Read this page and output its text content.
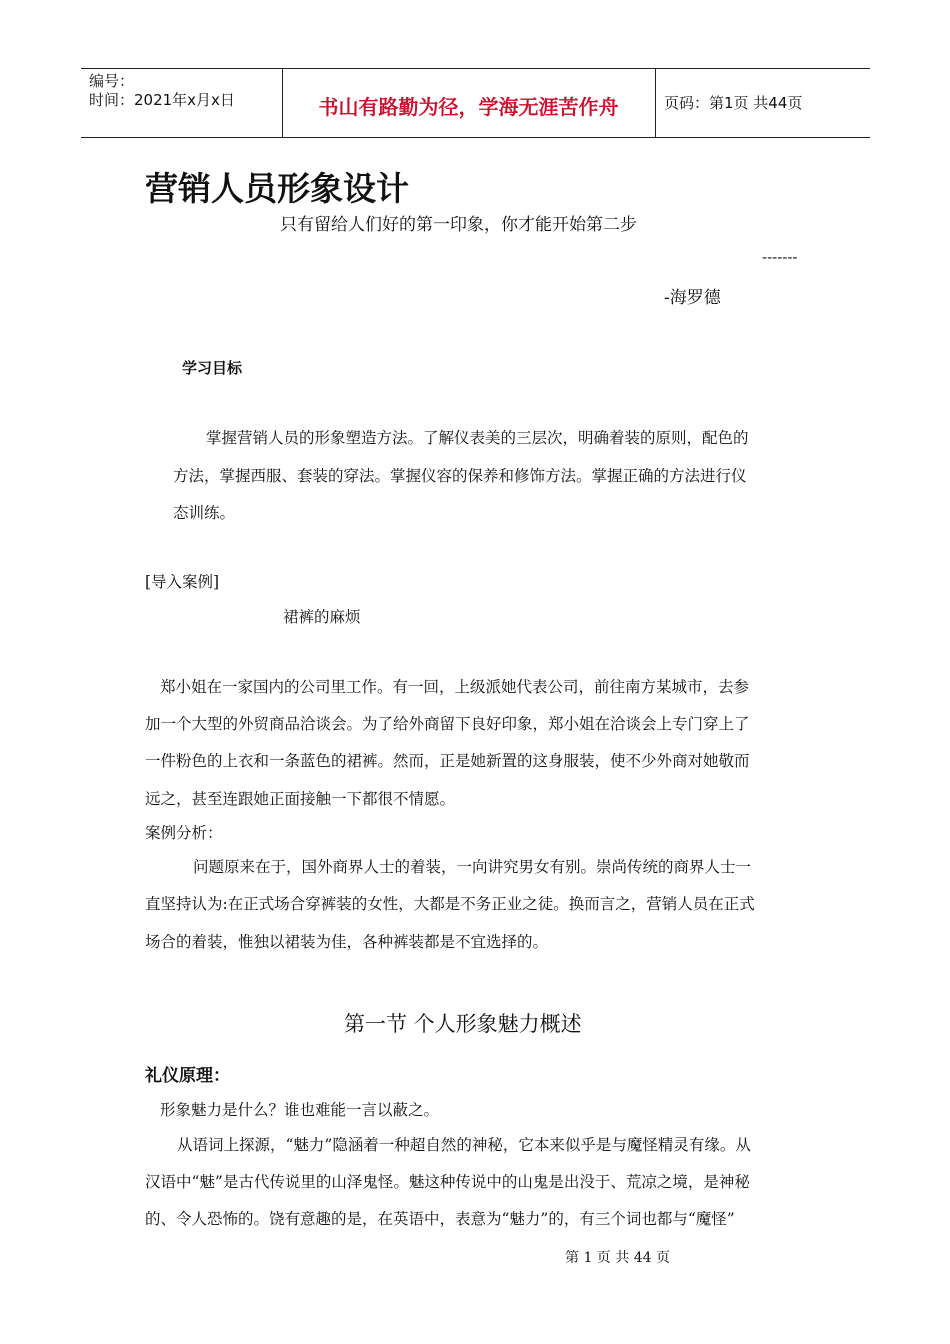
编号：
时间：2021年x月x日	书山有路勤为径，学海无涯苦作舟	页码：第1页 共44页
营销人员形象设计
只有留给人们好的第一印象，你才能开始第二步
-------
-海罗德
学习目标
掌握营销人员的形象塑造方法。了解仪表美的三层次，明确着装的原则，配色的
方法，掌握西服、套装的穿法。掌握仪容的保养和修饰方法。掌握正确的方法进行仪
态训练。
[导入案例]
裙裤的麻烦
郑小姐在一家国内的公司里工作。有一回，上级派她代表公司，前往南方某城市，去参
加一个大型的外贸商品洽谈会。为了给外商留下良好印象，郑小姐在洽谈会上专门穿上了
一件粉色的上衣和一条蓝色的裙裤。然而，正是她新置的这身服装，使不少外商对她敬而
远之，甚至连跟她正面接触一下都很不情愿。
案例分析：
问题原来在于，国外商界人士的着装，一向讲究男女有别。崇尚传统的商界人士一
直坚持认为:在正式场合穿裤装的女性，大都是不务正业之徒。换而言之，营销人员在正式
场合的着装，惟独以裙装为佳，各种裤装都是不宜选择的。
第一节 个人形象魅力概述
礼仪原理：
形象魅力是什么？谁也难能一言以蔽之。
从语词上探源，“魅力”隐涵着一种超自然的神秘，它本来似乎是与魔怪精灵有缘。从
汉语中“魅”是古代传说里的山泽鬼怪。魅这种传说中的山鬼是出没于、荒凉之境，是神秘
的、令人恐怖的。饶有意趣的是，在英语中，表意为“魅力”的，有三个词也都与“魔怪”
第 1 页 共 44 页
